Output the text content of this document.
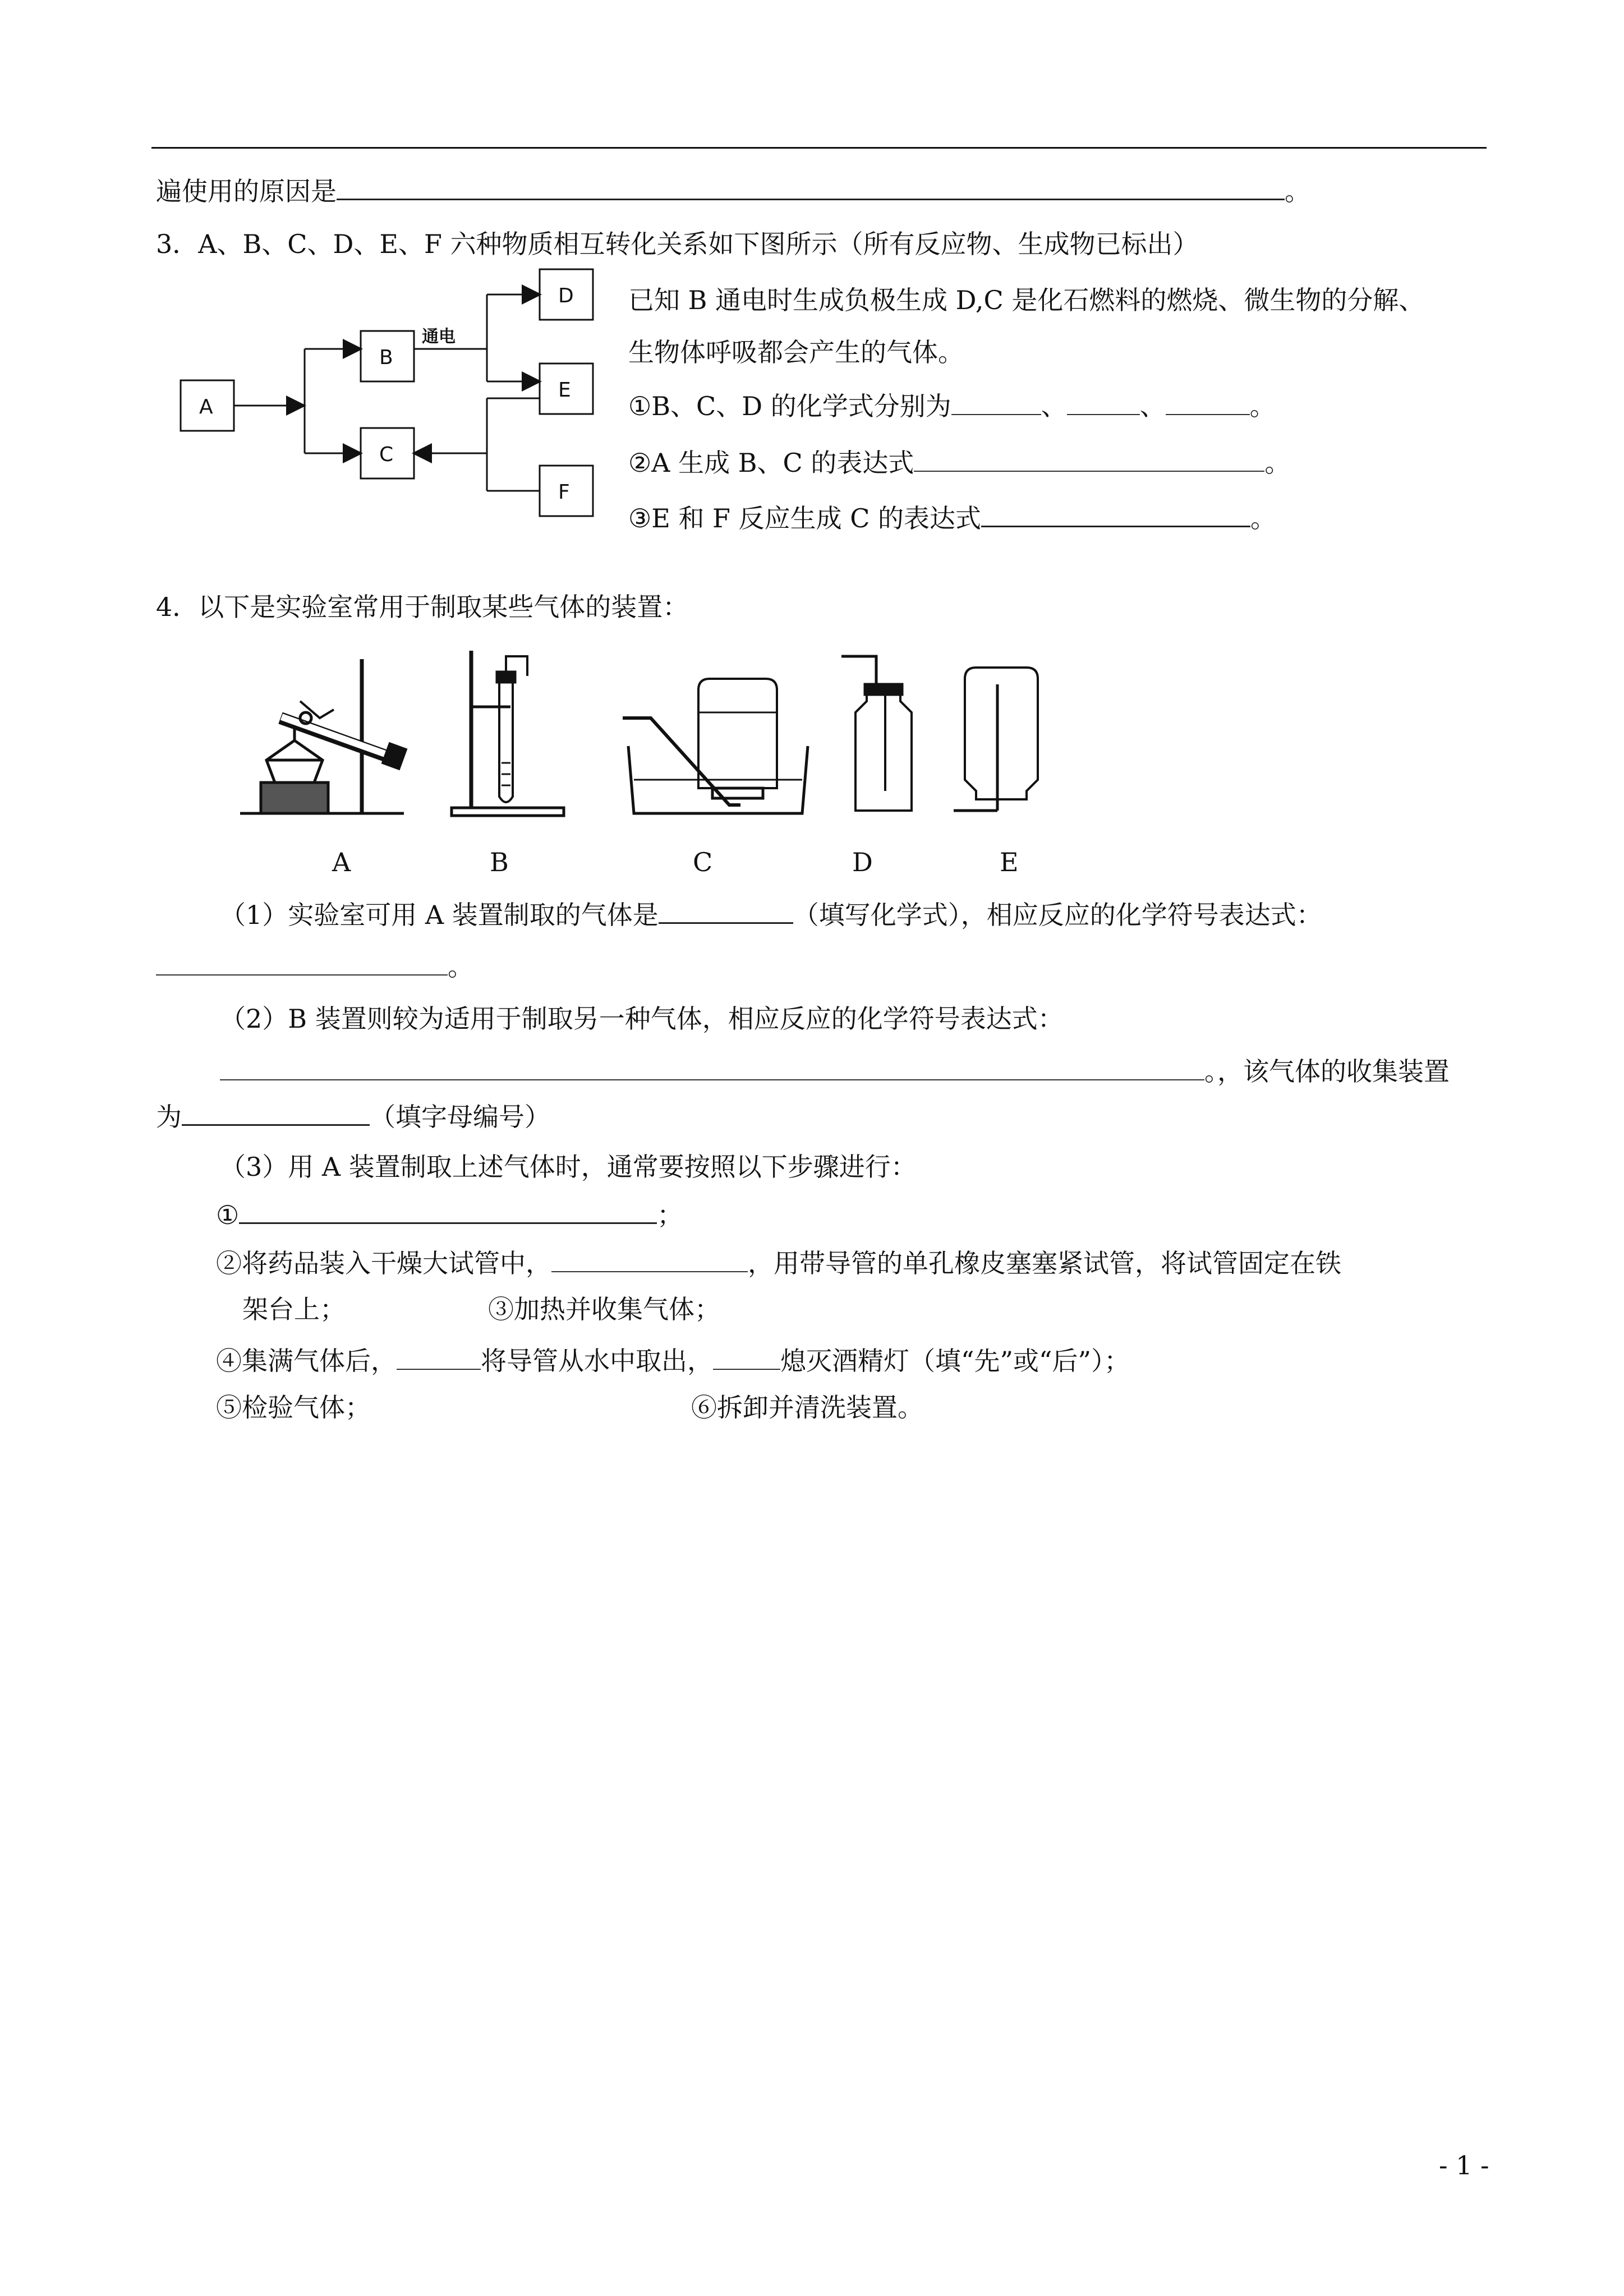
遍使用的原因是	。
3．A、B、C、D、E、F 六种物质相互转化关系如下图所示（所有反应物、生成物已标出）
A
B
C
D
E
F
通电
已知 B 通电时生成负极生成 D,C 是化石燃料的燃烧、微生物的分解、
生物体呼吸都会产生的气体。
①B、C、D 的化学式分别为	、	、	。
②A 生成 B、C 的表达式	。
③E 和 F 反应生成 C 的表达式	。
4．以下是实验室常用于制取某些气体的装置：
A	B	C	D	E
（1）实验室可用 A 装置制取的气体是	（填写化学式），相应反应的化学符号表达式：
。
（2）B 装置则较为适用于制取另一种气体，相应反应的化学符号表达式：
。，该气体的收集装置
为	（填字母编号）
（3）用 A 装置制取上述气体时，通常要按照以下步骤进行：
①	；
②将药品装入干燥大试管中，	，用带导管的单孔橡皮塞塞紧试管，将试管固定在铁
架台上；	③加热并收集气体；
④集满气体后，	将导管从水中取出，	熄灭酒精灯（填“先”或“后”）；
⑤检验气体；	⑥拆卸并清洗装置。
- 1 -
